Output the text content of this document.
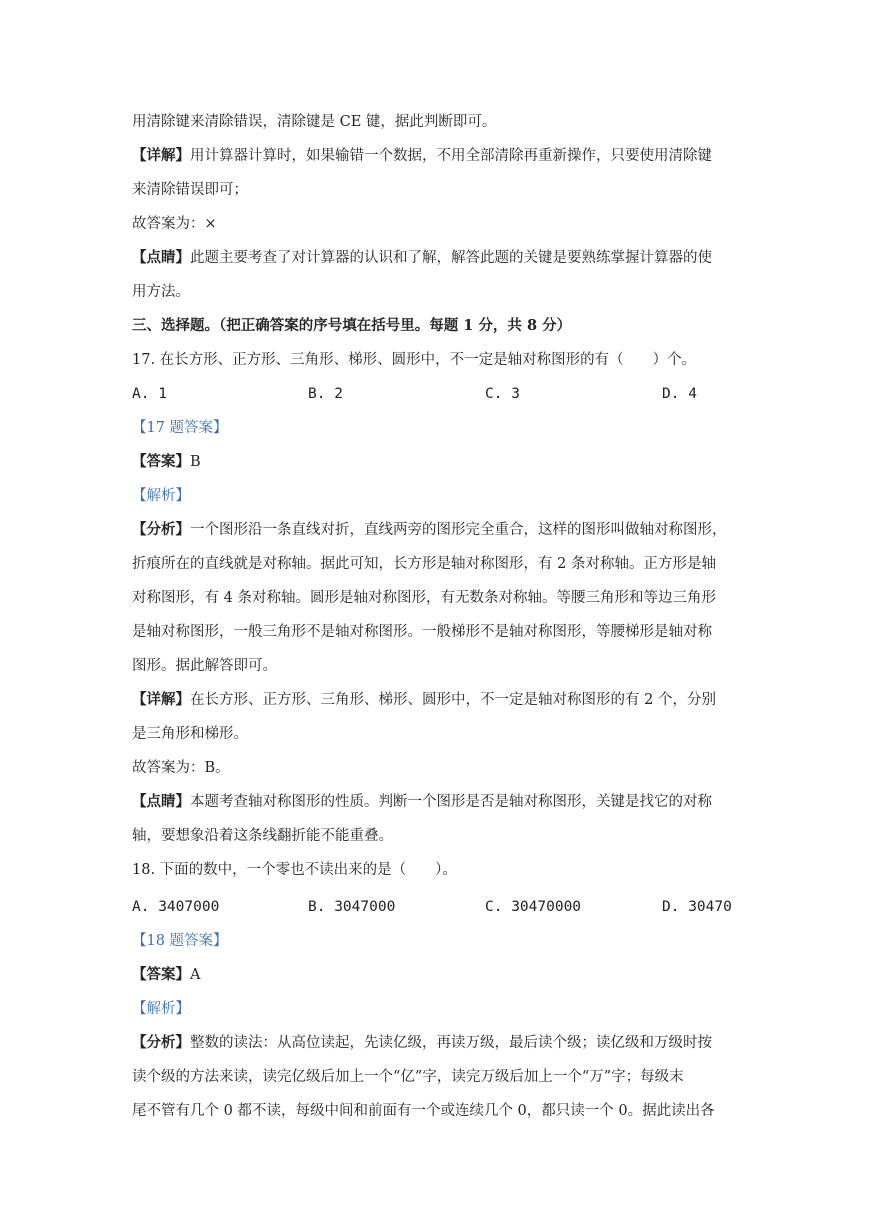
用清除键来清除错误，清除键是 CE 键，据此判断即可。
【详解】用计算器计算时，如果输错一个数据，不用全部清除再重新操作，只要使用清除键
来清除错误即可；
故答案为：×
【点睛】此题主要考查了对计算器的认识和了解，解答此题的关键是要熟练掌握计算器的使
用方法。
三、选择题。（把正确答案的序号填在括号里。每题 1 分，共 8 分）
17. 在长方形、正方形、三角形、梯形、圆形中，不一定是轴对称图形的有（　　）个。
A. 1	B. 2	C. 3	D. 4
【17 题答案】
【答案】B
【解析】
【分析】一个图形沿一条直线对折，直线两旁的图形完全重合，这样的图形叫做轴对称图形，
折痕所在的直线就是对称轴。据此可知，长方形是轴对称图形，有 2 条对称轴。正方形是轴
对称图形，有 4 条对称轴。圆形是轴对称图形，有无数条对称轴。等腰三角形和等边三角形
是轴对称图形，一般三角形不是轴对称图形。一般梯形不是轴对称图形，等腰梯形是轴对称
图形。据此解答即可。
【详解】在长方形、正方形、三角形、梯形、圆形中，不一定是轴对称图形的有 2 个，分别
是三角形和梯形。
故答案为：B。
【点睛】本题考查轴对称图形的性质。判断一个图形是否是轴对称图形，关键是找它的对称
轴，要想象沿着这条线翻折能不能重叠。
18. 下面的数中，一个零也不读出来的是（　　）。
A. 3407000	B. 3047000	C. 30470000	D. 30470
【18 题答案】
【答案】A
【解析】
【分析】整数的读法：从高位读起，先读亿级，再读万级，最后读个级；读亿级和万级时按
读个级的方法来读，读完亿级后加上一个“亿”字，读完万级后加上一个“万”字；每级末
尾不管有几个 0 都不读，每级中间和前面有一个或连续几个 0，都只读一个 0。据此读出各
